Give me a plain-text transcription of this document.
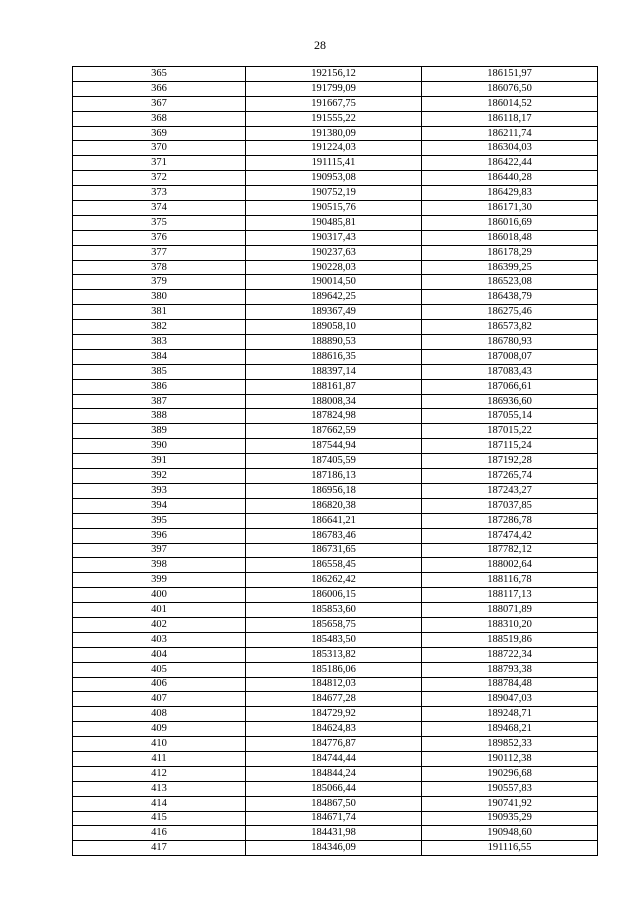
28
365	192156,12	186151,97
366	191799,09	186076,50
367	191667,75	186014,52
368	191555,22	186118,17
369	191380,09	186211,74
370	191224,03	186304,03
371	191115,41	186422,44
372	190953,08	186440,28
373	190752,19	186429,83
374	190515,76	186171,30
375	190485,81	186016,69
376	190317,43	186018,48
377	190237,63	186178,29
378	190228,03	186399,25
379	190014,50	186523,08
380	189642,25	186438,79
381	189367,49	186275,46
382	189058,10	186573,82
383	188890,53	186780,93
384	188616,35	187008,07
385	188397,14	187083,43
386	188161,87	187066,61
387	188008,34	186936,60
388	187824,98	187055,14
389	187662,59	187015,22
390	187544,94	187115,24
391	187405,59	187192,28
392	187186,13	187265,74
393	186956,18	187243,27
394	186820,38	187037,85
395	186641,21	187286,78
396	186783,46	187474,42
397	186731,65	187782,12
398	186558,45	188002,64
399	186262,42	188116,78
400	186006,15	188117,13
401	185853,60	188071,89
402	185658,75	188310,20
403	185483,50	188519,86
404	185313,82	188722,34
405	185186,06	188793,38
406	184812,03	188784,48
407	184677,28	189047,03
408	184729,92	189248,71
409	184624,83	189468,21
410	184776,87	189852,33
411	184744,44	190112,38
412	184844,24	190296,68
413	185066,44	190557,83
414	184867,50	190741,92
415	184671,74	190935,29
416	184431,98	190948,60
417	184346,09	191116,55
